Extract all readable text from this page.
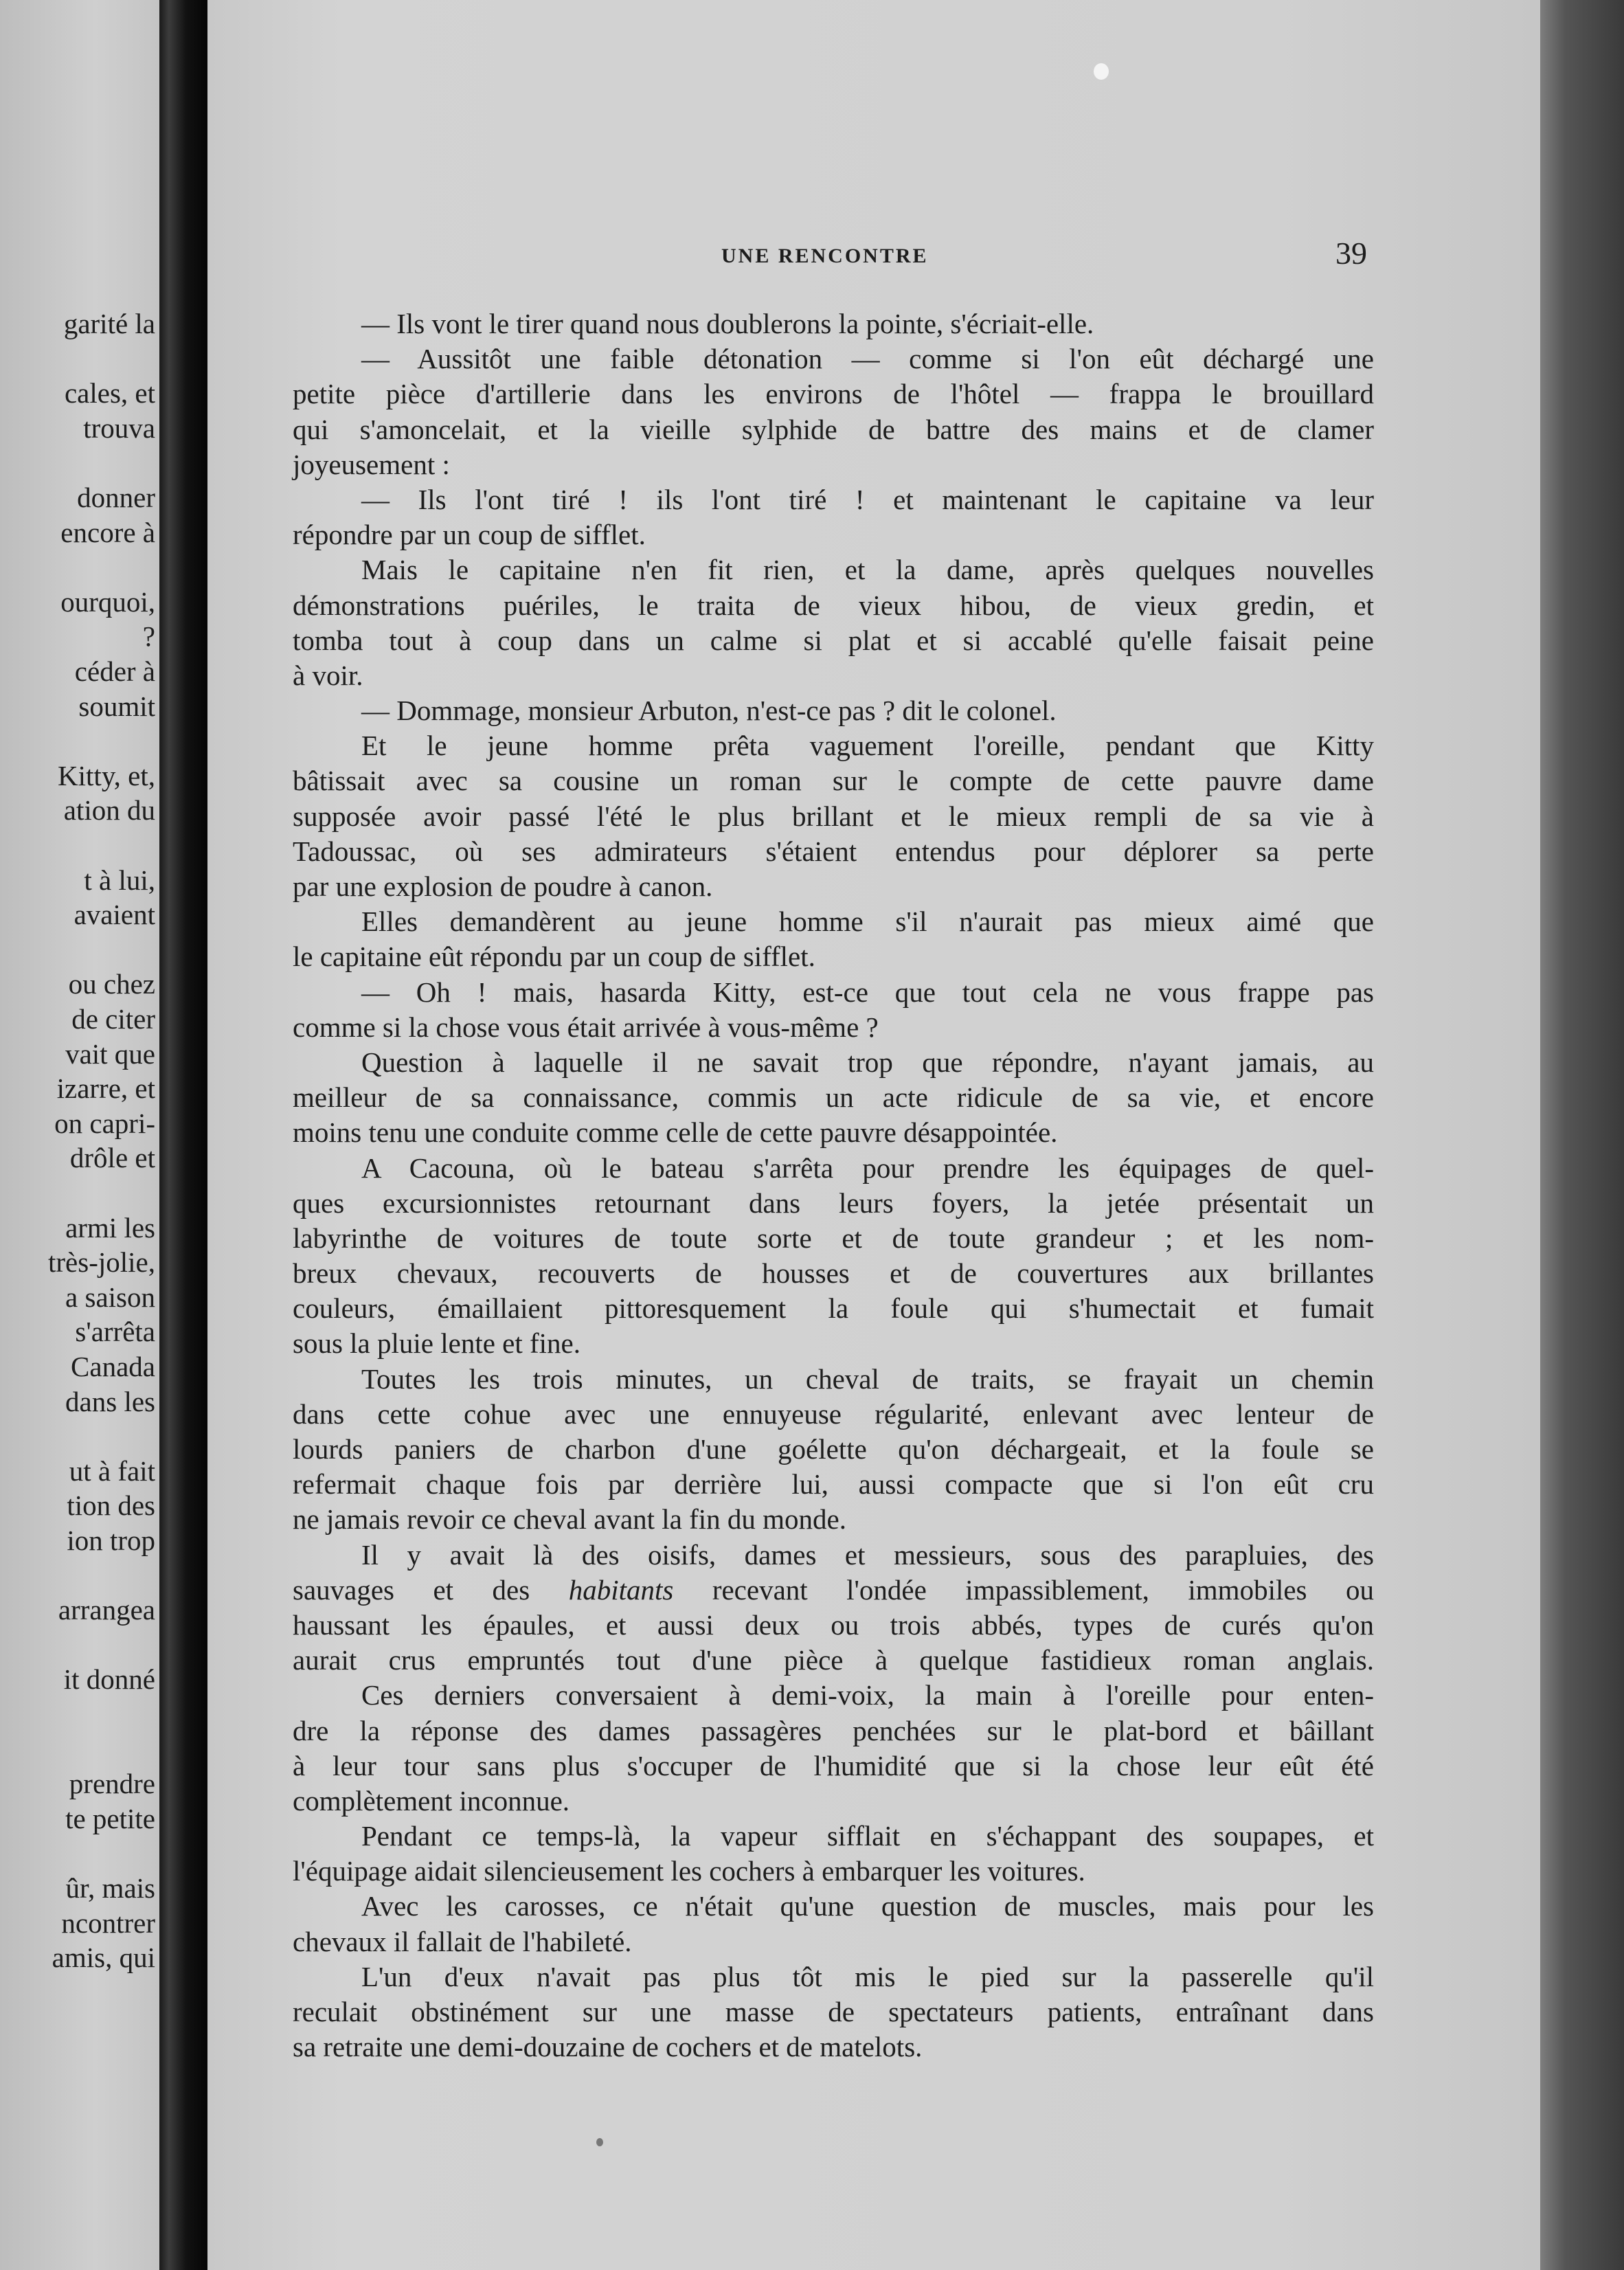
garité la
cales, et
trouva
donner
encore à
ourquoi,
?
céder à
soumit
Kitty, et,
ation du
t à lui,
avaient
ou chez
de citer
vait que
izarre, et
on capri-
drôle et
armi les
très-jolie,
a saison
s'arrêta
Canada
dans les
ut à fait
tion des
ion trop
arrangea
it donné
prendre
te petite
ûr, mais
ncontrer
amis, qui
UNE RENCONTRE	39
— Ils vont le tirer quand nous doublerons la pointe, s'écriait-elle.
— Aussitôt une faible détonation — comme si l'on eût déchargé une
petite pièce d'artillerie dans les environs de l'hôtel — frappa le brouillard
qui s'amoncelait, et la vieille sylphide de battre des mains et de clamer
joyeusement :
— Ils l'ont tiré ! ils l'ont tiré ! et maintenant le capitaine va leur
répondre par un coup de sifflet.
Mais le capitaine n'en fit rien, et la dame, après quelques nouvelles
démonstrations puériles, le traita de vieux hibou, de vieux gredin, et
tomba tout à coup dans un calme si plat et si accablé qu'elle faisait peine
à voir.
— Dommage, monsieur Arbuton, n'est-ce pas ? dit le colonel.
Et le jeune homme prêta vaguement l'oreille, pendant que Kitty
bâtissait avec sa cousine un roman sur le compte de cette pauvre dame
supposée avoir passé l'été le plus brillant et le mieux rempli de sa vie à
Tadoussac, où ses admirateurs s'étaient entendus pour déplorer sa perte
par une explosion de poudre à canon.
Elles demandèrent au jeune homme s'il n'aurait pas mieux aimé que
le capitaine eût répondu par un coup de sifflet.
— Oh ! mais, hasarda Kitty, est-ce que tout cela ne vous frappe pas
comme si la chose vous était arrivée à vous-même ?
Question à laquelle il ne savait trop que répondre, n'ayant jamais, au
meilleur de sa connaissance, commis un acte ridicule de sa vie, et encore
moins tenu une conduite comme celle de cette pauvre désappointée.
A Cacouna, où le bateau s'arrêta pour prendre les équipages de quel-
ques excursionnistes retournant dans leurs foyers, la jetée présentait un
labyrinthe de voitures de toute sorte et de toute grandeur ; et les nom-
breux chevaux, recouverts de housses et de couvertures aux brillantes
couleurs, émaillaient pittoresquement la foule qui s'humectait et fumait
sous la pluie lente et fine.
Toutes les trois minutes, un cheval de traits, se frayait un chemin
dans cette cohue avec une ennuyeuse régularité, enlevant avec lenteur de
lourds paniers de charbon d'une goélette qu'on déchargeait, et la foule se
refermait chaque fois par derrière lui, aussi compacte que si l'on eût cru
ne jamais revoir ce cheval avant la fin du monde.
Il y avait là des oisifs, dames et messieurs, sous des parapluies, des
sauvages et des habitants recevant l'ondée impassiblement, immobiles ou
haussant les épaules, et aussi deux ou trois abbés, types de curés qu'on
aurait crus empruntés tout d'une pièce à quelque fastidieux roman anglais.
Ces derniers conversaient à demi-voix, la main à l'oreille pour enten-
dre la réponse des dames passagères penchées sur le plat-bord et bâillant
à leur tour sans plus s'occuper de l'humidité que si la chose leur eût été
complètement inconnue.
Pendant ce temps-là, la vapeur sifflait en s'échappant des soupapes, et
l'équipage aidait silencieusement les cochers à embarquer les voitures.
Avec les carosses, ce n'était qu'une question de muscles, mais pour les
chevaux il fallait de l'habileté.
L'un d'eux n'avait pas plus tôt mis le pied sur la passerelle qu'il
reculait obstinément sur une masse de spectateurs patients, entraînant dans
sa retraite une demi-douzaine de cochers et de matelots.
